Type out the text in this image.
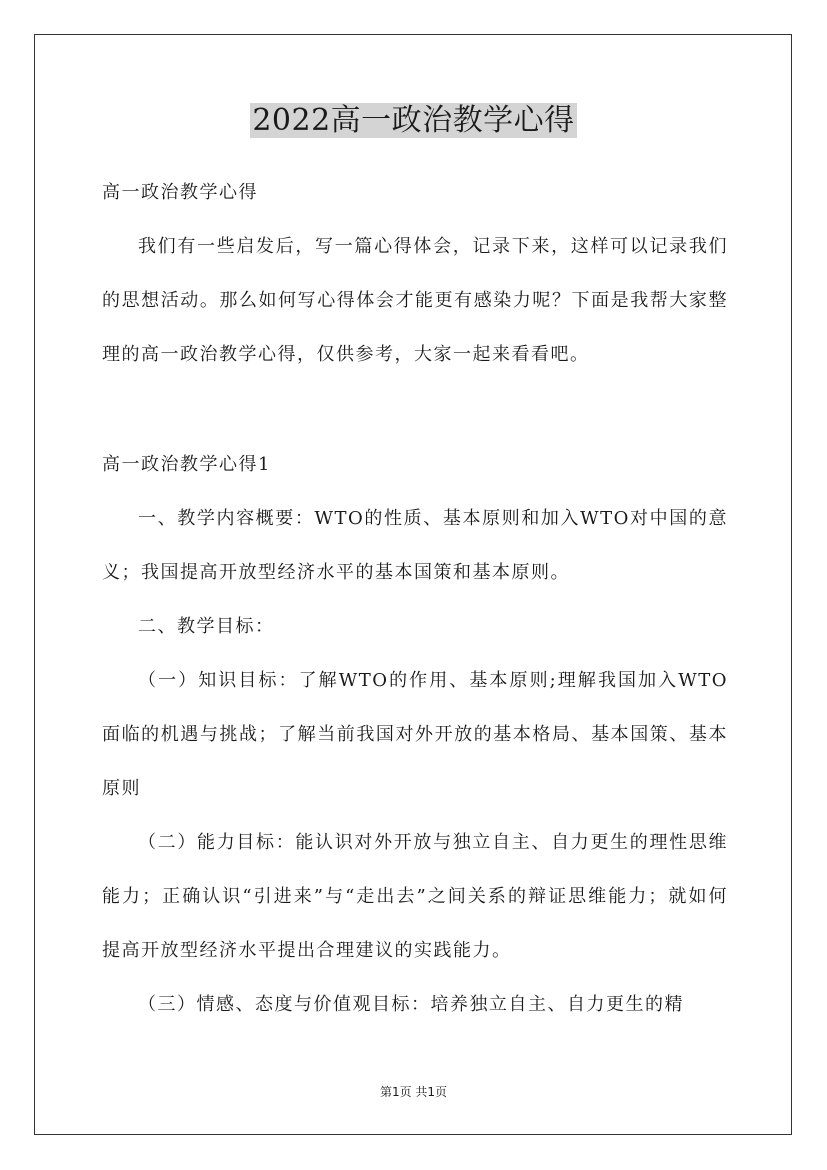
2022高一政治教学心得
高一政治教学心得
我们有一些启发后，写一篇心得体会，记录下来，这样可以记录我们的思想活动。那么如何写心得体会才能更有感染力呢？下面是我帮大家整理的高一政治教学心得，仅供参考，大家一起来看看吧。
高一政治教学心得1
一、教学内容概要：WTO的性质、基本原则和加入WTO对中国的意义；我国提高开放型经济水平的基本国策和基本原则。
二、教学目标：
（一）知识目标：了解WTO的作用、基本原则;理解我国加入WTO面临的机遇与挑战；了解当前我国对外开放的基本格局、基本国策、基本原则
（二）能力目标：能认识对外开放与独立自主、自力更生的理性思维能力；正确认识“引进来”与“走出去”之间关系的辩证思维能力；就如何提高开放型经济水平提出合理建议的实践能力。
（三）情感、态度与价值观目标：培养独立自主、自力更生的精
第1页 共1页
